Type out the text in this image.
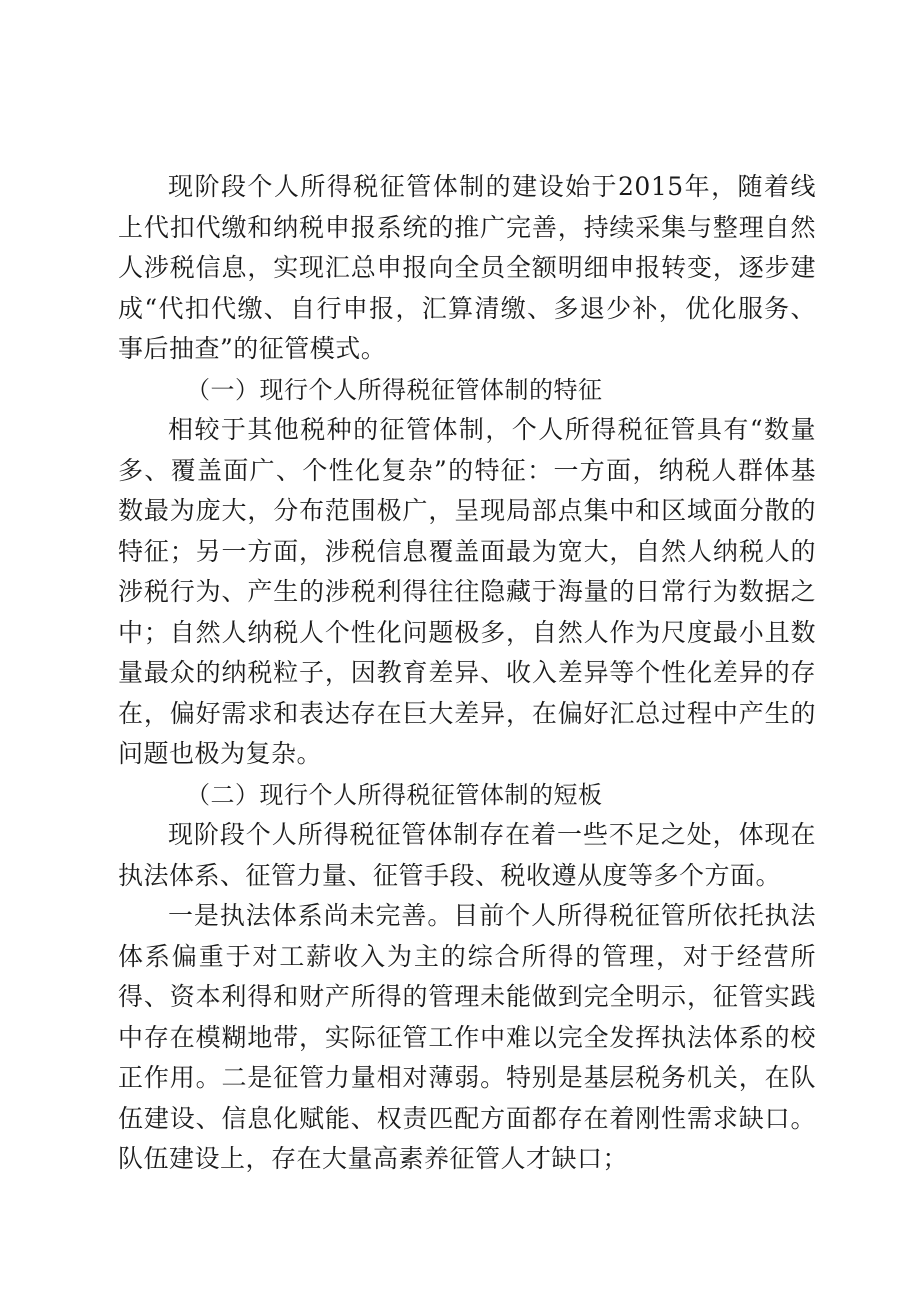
现阶段个人所得税征管体制的建设始于2015年，随着线上代扣代缴和纳税申报系统的推广完善，持续采集与整理自然人涉税信息，实现汇总申报向全员全额明细申报转变，逐步建成“代扣代缴、自行申报，汇算清缴、多退少补，优化服务、事后抽查”的征管模式。

（一）现行个人所得税征管体制的特征

相较于其他税种的征管体制，个人所得税征管具有“数量多、覆盖面广、个性化复杂”的特征：一方面，纳税人群体基数最为庞大，分布范围极广，呈现局部点集中和区域面分散的特征；另一方面，涉税信息覆盖面最为宽大，自然人纳税人的涉税行为、产生的涉税利得往往隐藏于海量的日常行为数据之中；自然人纳税人个性化问题极多，自然人作为尺度最小且数量最众的纳税粒子，因教育差异、收入差异等个性化差异的存在，偏好需求和表达存在巨大差异，在偏好汇总过程中产生的问题也极为复杂。

（二）现行个人所得税征管体制的短板

现阶段个人所得税征管体制存在着一些不足之处，体现在执法体系、征管力量、征管手段、税收遵从度等多个方面。

一是执法体系尚未完善。目前个人所得税征管所依托执法体系偏重于对工薪收入为主的综合所得的管理，对于经营所得、资本利得和财产所得的管理未能做到完全明示，征管实践中存在模糊地带，实际征管工作中难以完全发挥执法体系的校正作用。二是征管力量相对薄弱。特别是基层税务机关，在队伍建设、信息化赋能、权责匹配方面都存在着刚性需求缺口。队伍建设上，存在大量高素养征管人才缺口；
